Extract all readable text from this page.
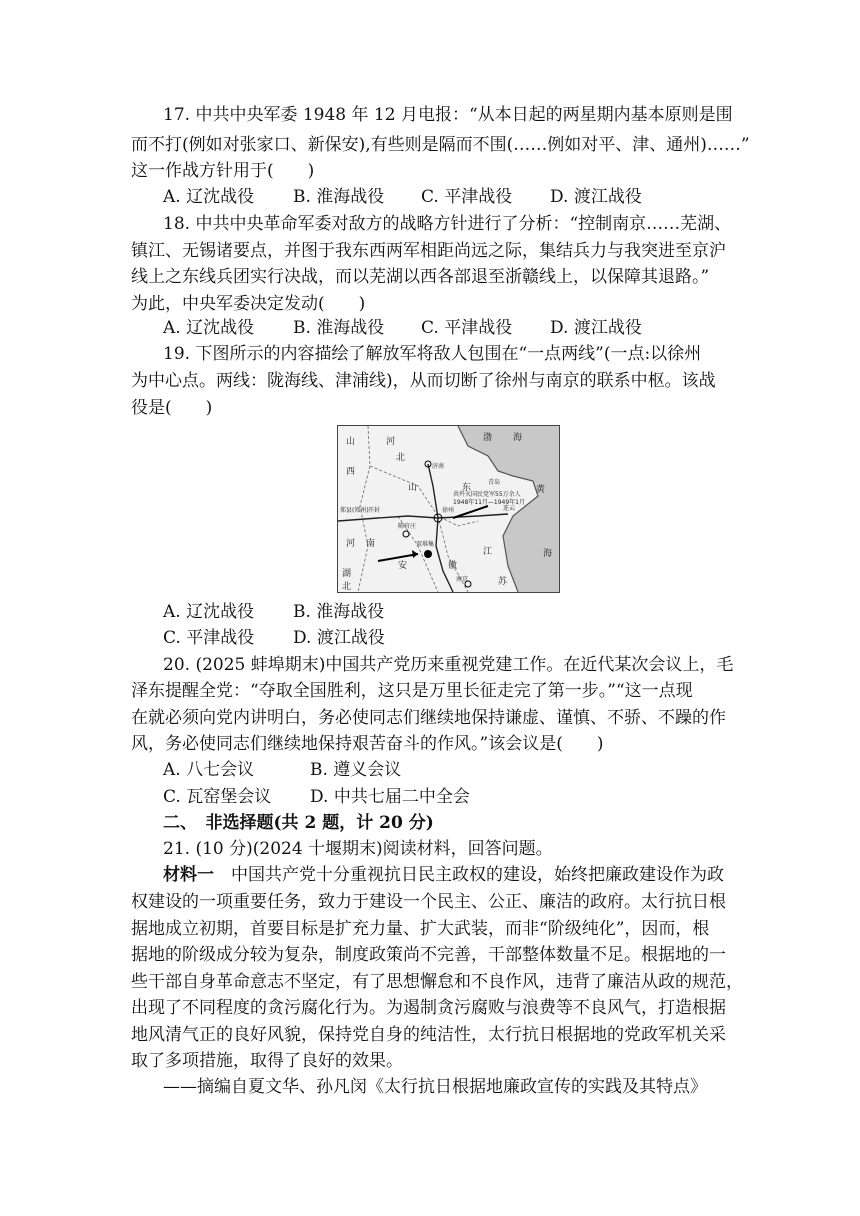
17. 中共中央军委 1948 年 12 月电报：“从本日起的两星期内基本原则是围
而不打(例如对张家口、新保安),有些则是隔而不围(……例如对平、津、通州)……”
这一作战方针用于(　　)
A. 辽沈战役 B. 淮海战役 C. 平津战役 D. 渡江战役
18. 中共中央革命军委对敌方的战略方针进行了分析：“控制南京……芜湖、
镇江、无锡诸要点，并图于我东西两军相距尚远之际，集结兵力与我突进至京沪
线上之东线兵团实行决战，而以芜湖以西各部退至浙赣线上，以保障其退路。”
为此，中央军委决定发动(　　)
A. 辽沈战役 B. 淮海战役 C. 平津战役 D. 渡江战役
19. 下图所示的内容描绘了解放军将敌人包围在“一点两线”(一点:以徐州
为中心点。两线：陇海线、津浦线)，从而切断了徐州与南京的联系中枢。该战
役是(　　)
山	河
北
西
山	东
河 南
安	徽
江
苏
湖
北
渤 海
黄
海
济南
青岛
徐州
开封
郑县(郑州)	连云
双堆集
南京
陈官庄
共歼灭国民党军55万余人
1948年11月—1949年1月
A. 辽沈战役 B. 淮海战役
C. 平津战役 D. 渡江战役
20. (2025 蚌埠期末)中国共产党历来重视党建工作。在近代某次会议上，毛
泽东提醒全党：“夺取全国胜利，这只是万里长征走完了第一步。”“这一点现
在就必须向党内讲明白，务必使同志们继续地保持谦虚、谨慎、不骄、不躁的作
风，务必使同志们继续地保持艰苦奋斗的作风。”该会议是(　　)
A. 八七会议	B. 遵义会议
C. 瓦窑堡会议 D. 中共七届二中全会
二、　非选择题(共 2 题，计 20 分)
21. (10 分)(2024 十堰期末)阅读材料，回答问题。
材料一　 中国共产党十分重视抗日民主政权的建设，始终把廉政建设作为政
权建设的一项重要任务，致力于建设一个民主、公正、廉洁的政府。太行抗日根
据地成立初期，首要目标是扩充力量、扩大武装，而非“阶级纯化”，因而，根
据地的阶级成分较为复杂，制度政策尚不完善，干部整体数量不足。根据地的一
些干部自身革命意志不坚定，有了思想懈怠和不良作风，违背了廉洁从政的规范，
出现了不同程度的贪污腐化行为。为遏制贪污腐败与浪费等不良风气，打造根据
地风清气正的良好风貌，保持党自身的纯洁性，太行抗日根据地的党政军机关采
取了多项措施，取得了良好的效果。
——摘编自夏文华、孙凡闵《太行抗日根据地廉政宣传的实践及其特点》
